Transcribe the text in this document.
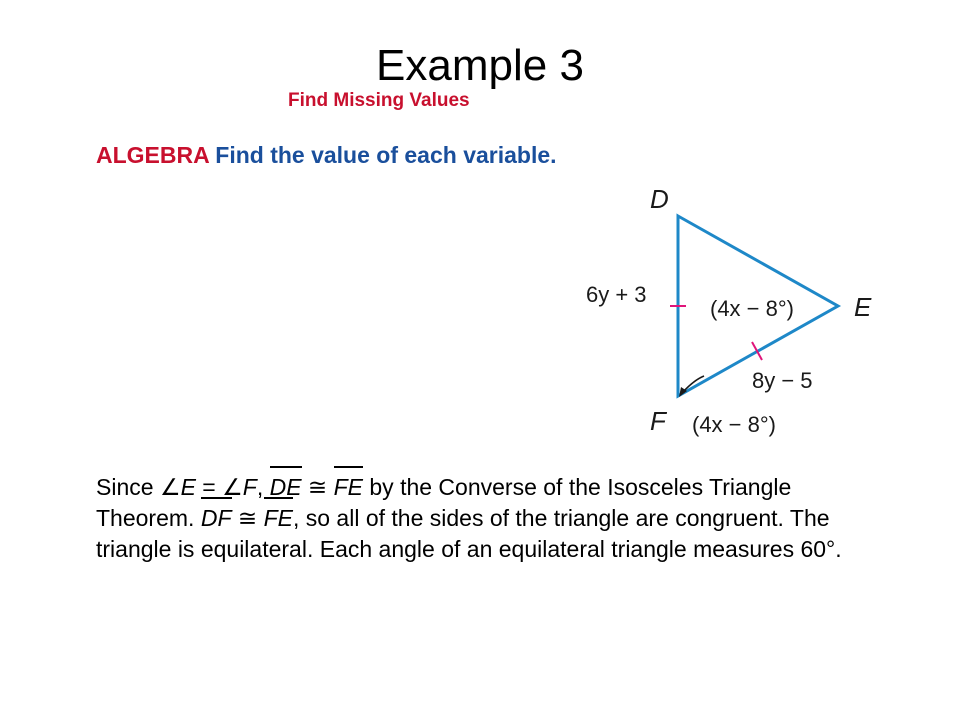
Example 3
Find Missing Values
ALGEBRA Find the value of each variable.
D
E
F
6y + 3
8y − 5
(4x − 8°)
(4x − 8°)
Since ∠E = ∠F, DE ≅ FE by the Converse of the Isosceles Triangle Theorem. DF ≅ FE, so all of the sides of the triangle are congruent. The triangle is equilateral. Each angle of an equilateral triangle measures 60°.
